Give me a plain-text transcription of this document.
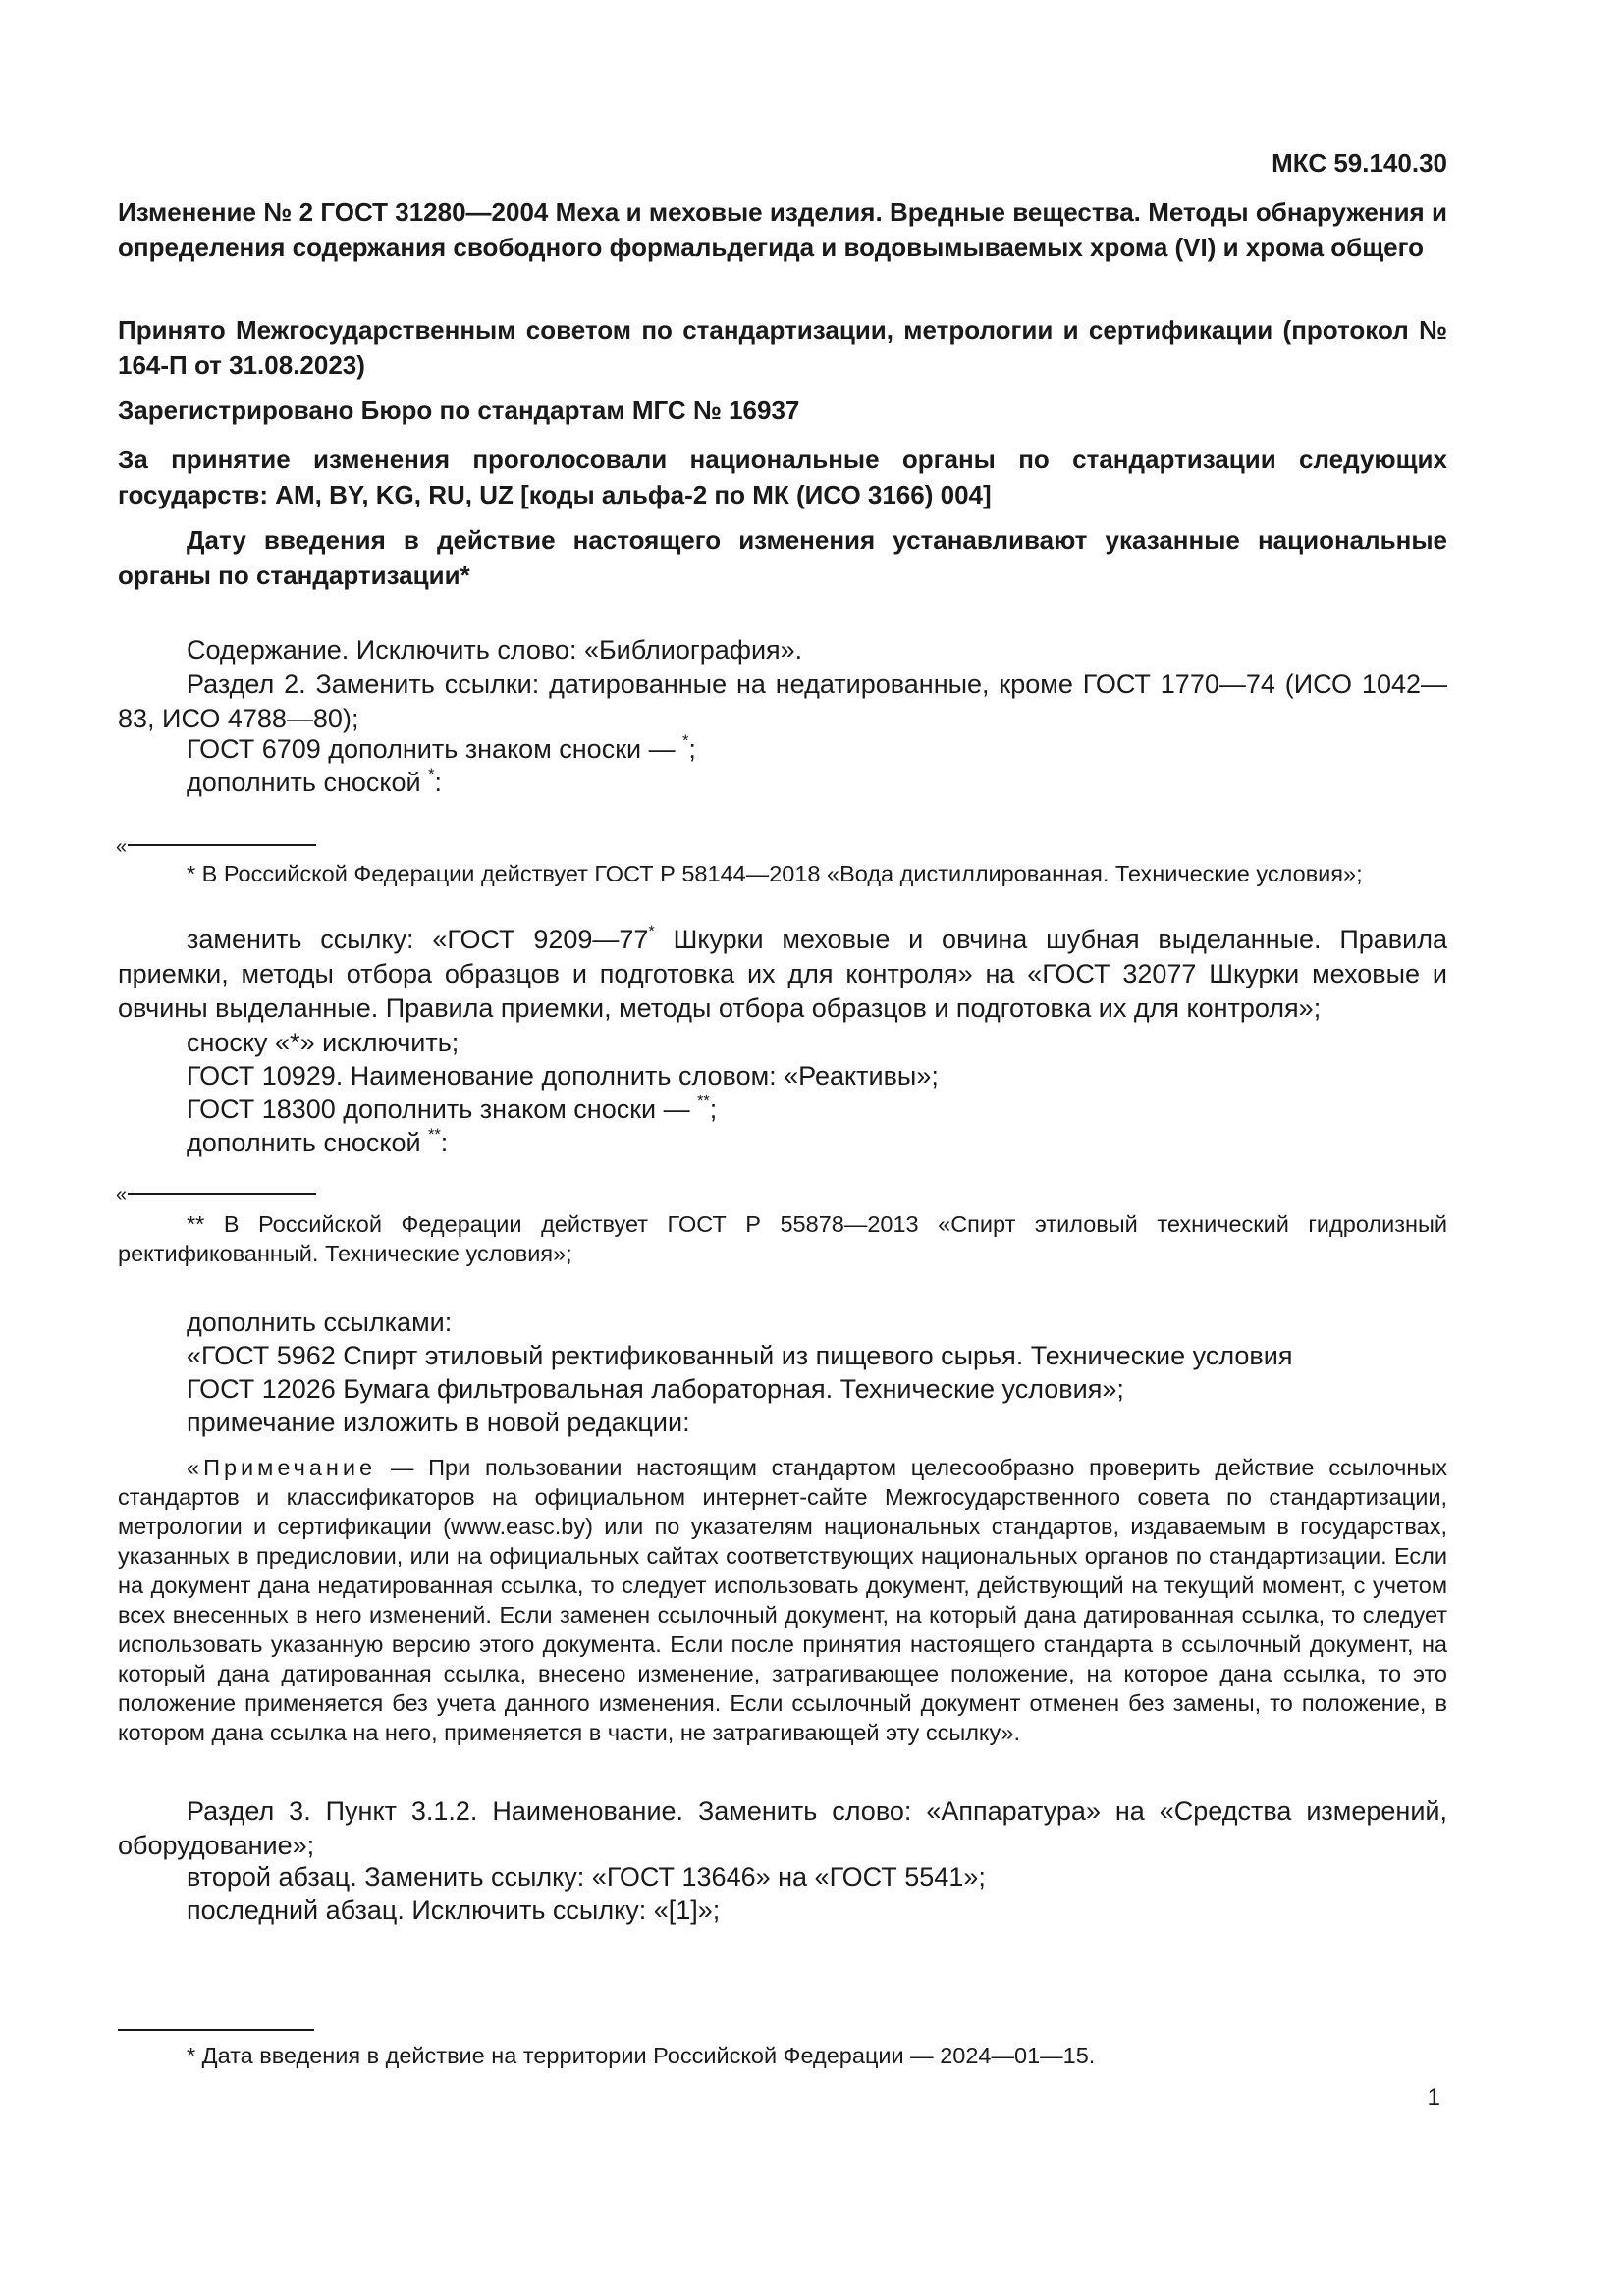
МКС 59.140.30
Изменение № 2 ГОСТ 31280—2004 Меха и меховые изделия. Вредные вещества. Методы обнаружения и определения содержания свободного формальдегида и водовымываемых хрома (VI) и хрома общего
Принято Межгосударственным советом по стандартизации, метрологии и сертификации (протокол № 164-П от 31.08.2023)
Зарегистрировано Бюро по стандартам МГС № 16937
За принятие изменения проголосовали национальные органы по стандартизации следующих государств: AM, BY, KG, RU, UZ [коды альфа-2 по МК (ИСО 3166) 004]
Дату введения в действие настоящего изменения устанавливают указанные национальные органы по стандартизации*
Содержание. Исключить слово: «Библиография».
Раздел 2. Заменить ссылки: датированные на недатированные, кроме ГОСТ 1770—74 (ИСО 1042—83, ИСО 4788—80);
ГОСТ 6709 дополнить знаком сноски — *;
дополнить сноской *:
«
* В Российской Федерации действует ГОСТ Р 58144—2018 «Вода дистиллированная. Технические условия»;
заменить ссылку: «ГОСТ 9209—77* Шкурки меховые и овчина шубная выделанные. Правила приемки, методы отбора образцов и подготовка их для контроля» на «ГОСТ 32077 Шкурки меховые и овчины выделанные. Правила приемки, методы отбора образцов и подготовка их для контроля»;
сноску «*» исключить;
ГОСТ 10929. Наименование дополнить словом: «Реактивы»;
ГОСТ 18300 дополнить знаком сноски — **;
дополнить сноской **:
«
** В Российской Федерации действует ГОСТ Р 55878—2013 «Спирт этиловый технический гидролизный ректификованный. Технические условия»;
дополнить ссылками:
«ГОСТ 5962 Спирт этиловый ректификованный из пищевого сырья. Технические условия
ГОСТ 12026 Бумага фильтровальная лабораторная. Технические условия»;
примечание изложить в новой редакции:
«Примечание — При пользовании настоящим стандартом целесообразно проверить действие ссылочных стандартов и классификаторов на официальном интернет-сайте Межгосударственного совета по стандартизации, метрологии и сертификации (www.easc.by) или по указателям национальных стандартов, издаваемым в государствах, указанных в предисловии, или на официальных сайтах соответствующих национальных органов по стандартизации. Если на документ дана недатированная ссылка, то следует использовать документ, действующий на текущий момент, с учетом всех внесенных в него изменений. Если заменен ссылочный документ, на который дана датированная ссылка, то следует использовать указанную версию этого документа. Если после принятия настоящего стандарта в ссылочный документ, на который дана датированная ссылка, внесено изменение, затрагивающее положение, на которое дана ссылка, то это положение применяется без учета данного изменения. Если ссылочный документ отменен без замены, то положение, в котором дана ссылка на него, применяется в части, не затрагивающей эту ссылку».
Раздел 3. Пункт 3.1.2. Наименование. Заменить слово: «Аппаратура» на «Средства измерений, оборудование»;
второй абзац. Заменить ссылку: «ГОСТ 13646» на «ГОСТ 5541»;
последний абзац. Исключить ссылку: «[1]»;
* Дата введения в действие на территории Российской Федерации — 2024—01—15.
1
